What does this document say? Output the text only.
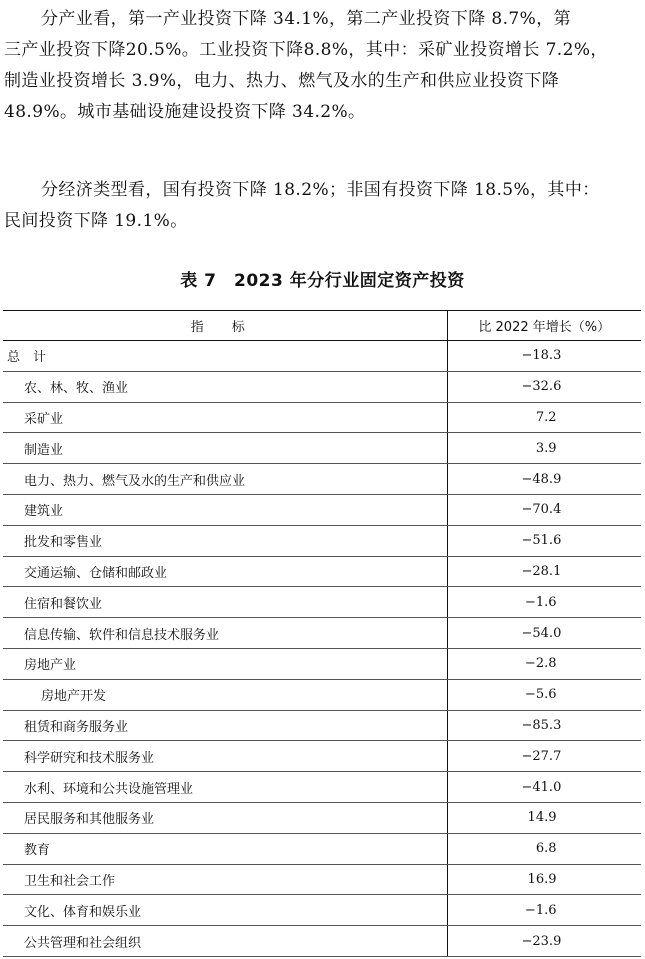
分产业看，第一产业投资下降 34.1%，第二产业投资下降 8.7%，第
三产业投资下降20.5%。工业投资下降8.8%，其中：采矿业投资增长 7.2%，
制造业投资增长 3.9%，电力、热力、燃气及水的生产和供应业投资下降
48.9%。城市基础设施建设投资下降 34.2%。
分经济类型看，国有投资下降 18.2%；非国有投资下降 18.5%，其中：
民间投资下降 19.1%。
表 7　2023 年分行业固定资产投资
指标	比 2022 年增长（%）
总　计	−18.3
农、林、牧、渔业	−32.6
采矿业	7.2
制造业	3.9
电力、热力、燃气及水的生产和供应业	−48.9
建筑业	−70.4
批发和零售业	−51.6
交通运输、仓储和邮政业	−28.1
住宿和餐饮业	−1.6
信息传输、软件和信息技术服务业	−54.0
房地产业	−2.8
房地产开发	−5.6
租赁和商务服务业	−85.3
科学研究和技术服务业	−27.7
水利、环境和公共设施管理业	−41.0
居民服务和其他服务业	14.9
教育	6.8
卫生和社会工作	16.9
文化、体育和娱乐业	−1.6
公共管理和社会组织	−23.9
